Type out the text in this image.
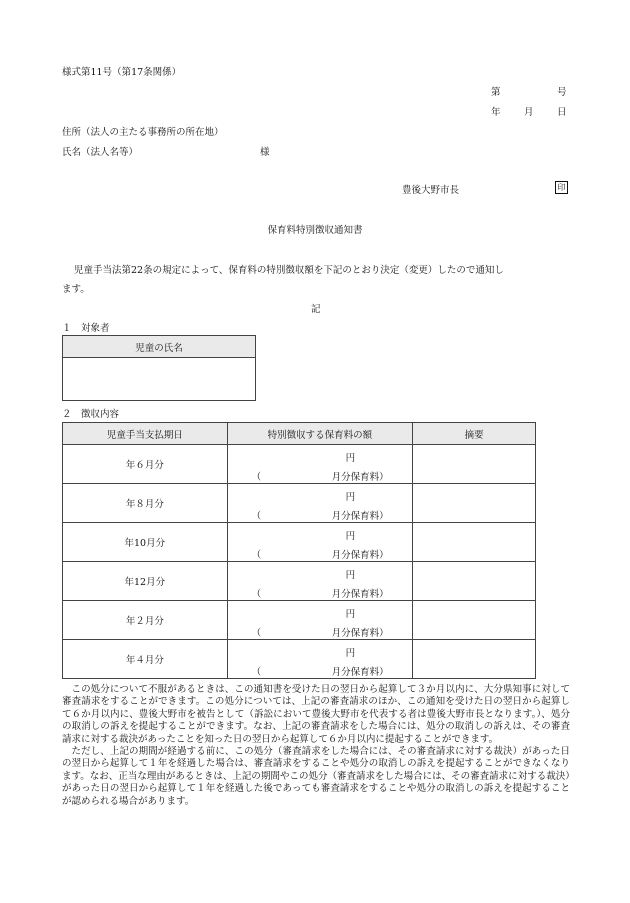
様式第11号（第17条関係）
第	号
年 月 日
住所（法人の主たる事務所の所在地）
氏名（法人名等）	様
豊後大野市長	印
保育料特別徴収通知書
児童手当法第22条の規定によって、保育料の特別徴収額を下記のとおり決定（変更）したので通知し
ます。
記
１　対象者
児童の氏名

２　徴収内容
児童手当支払期日	特別徴収する保育料の額	摘要
年６月分	円
（ 月分保育料）	

年８月分	円
（ 月分保育料）	

年10月分	円
（ 月分保育料）	

年12月分	円
（ 月分保育料）	

年２月分	円
（ 月分保育料）	

年４月分	円
（ 月分保育料）	

この処分について不服があるときは、この通知書を受けた日の翌日から起算して３か月以内に、大分県知事に対して審査請求をすることができます。この処分については、上記の審査請求のほか、この通知を受けた日の翌日から起算して６か月以内に、豊後大野市を被告として（訴訟において豊後大野市を代表する者は豊後大野市長となります。）、処分の取消しの訴えを提起することができます。なお、上記の審査請求をした場合には、処分の取消しの訴えは、その審査請求に対する裁決があったことを知った日の翌日から起算して６か月以内に提起することができます。

ただし、上記の期間が経過する前に、この処分（審査請求をした場合には、その審査請求に対する裁決）があった日の翌日から起算して１年を経過した場合は、審査請求をすることや処分の取消しの訴えを提起することができなくなります。なお、正当な理由があるときは、上記の期間やこの処分（審査請求をした場合には、その審査請求に対する裁決）があった日の翌日から起算して１年を経過した後であっても審査請求をすることや処分の取消しの訴えを提起することが認められる場合があります。
